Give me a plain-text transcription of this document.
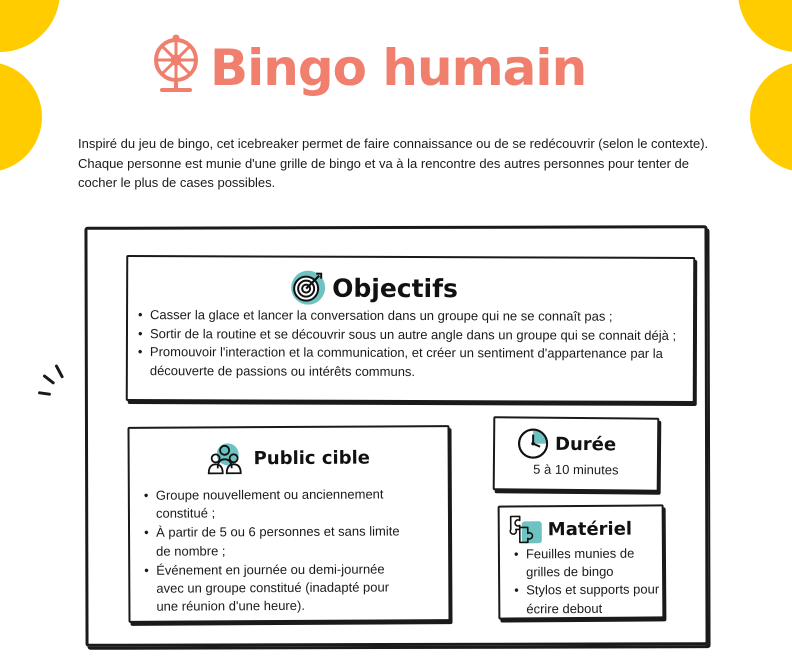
Bingo humain
Inspiré du jeu de bingo, cet icebreaker permet de faire connaissance ou de se redécouvrir (selon le contexte). Chaque personne est munie d'une grille de bingo et va à la rencontre des autres personnes pour tenter de cocher le plus de cases possibles.
Objectifs
• Casser la glace et lancer la conversation dans un groupe qui ne se connaît pas ;
• Sortir de la routine et se découvrir sous un autre angle dans un groupe qui se connait déjà ;
• Promouvoir l'interaction et la communication, et créer un sentiment d'appartenance par la découverte de passions ou intérêts communs.
Public cible
• Groupe nouvellement ou anciennement constitué ;
• À partir de 5 ou 6 personnes et sans limite de nombre ;
• Événement en journée ou demi-journée avec un groupe constitué (inadapté pour une réunion d'une heure).
Durée
5 à 10 minutes
Matériel
• Feuilles munies de grilles de bingo
• Stylos et supports pour écrire debout
